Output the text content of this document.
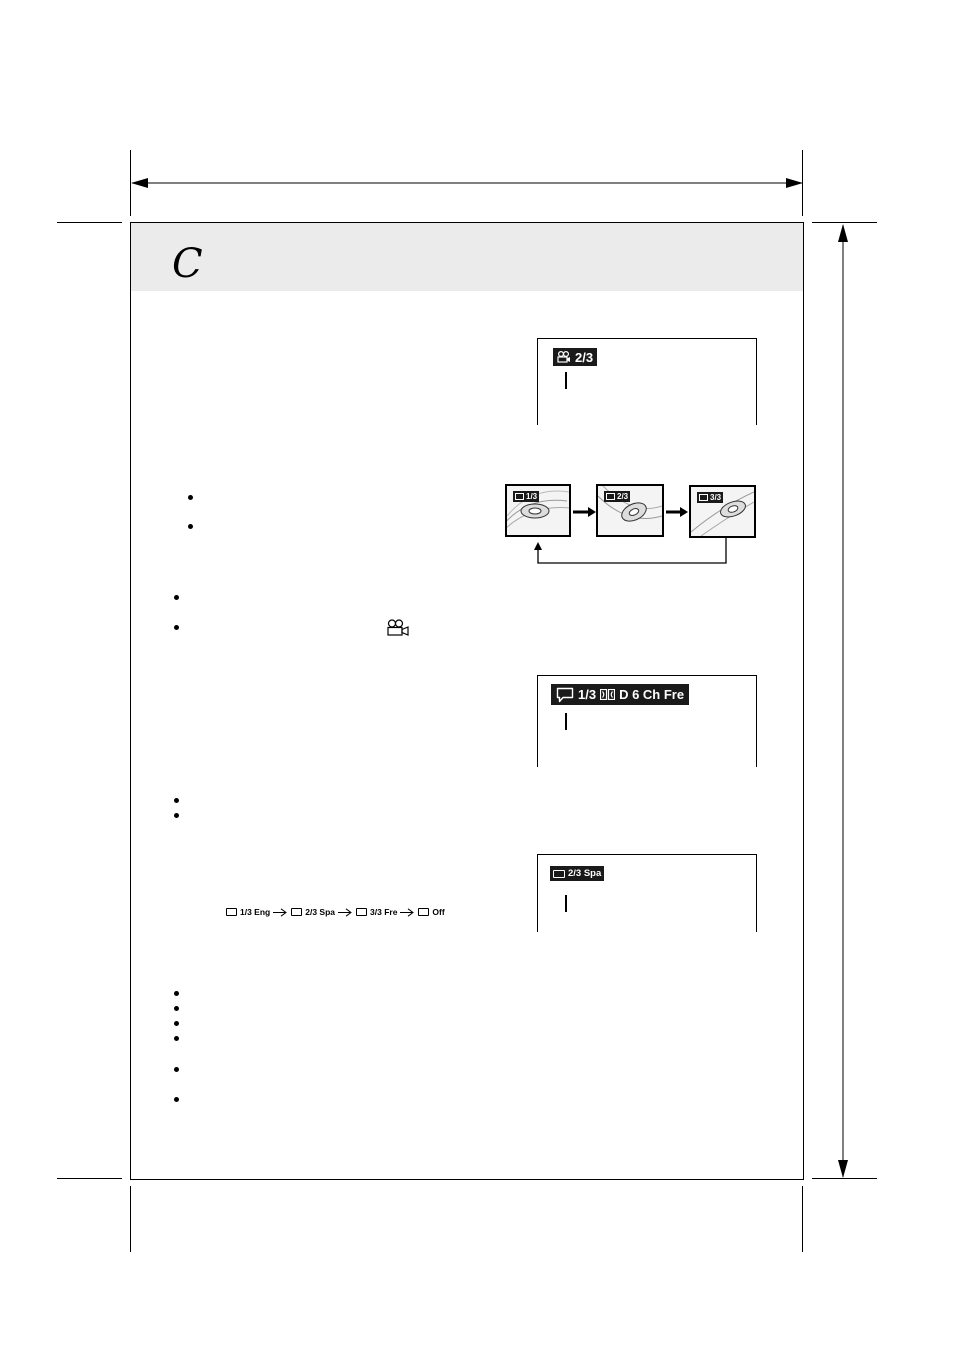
C
2/3
1/3	2/3	3/3
1/3 D 6 Ch Fre
2/3 Spa
1/3 Eng	2/3 Spa	3/3 Fre	Off
